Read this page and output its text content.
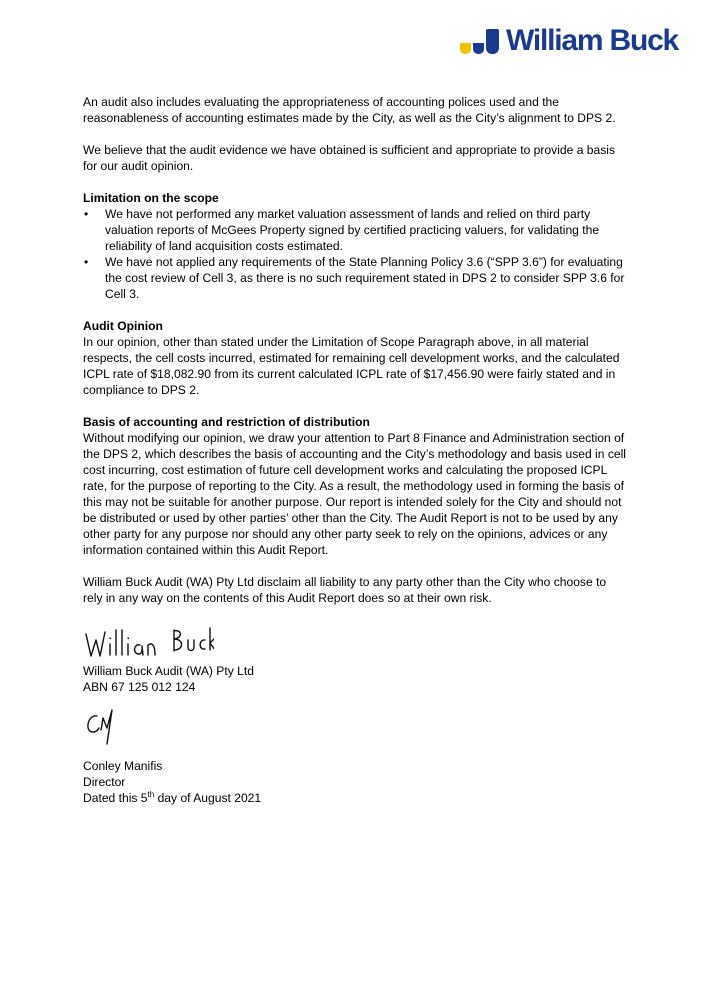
William Buck

An audit also includes evaluating the appropriateness of accounting polices used and the reasonableness of accounting estimates made by the City, as well as the City’s alignment to DPS 2.

We believe that the audit evidence we have obtained is sufficient and appropriate to provide a basis for our audit opinion.

Limitation on the scope

• We have not performed any market valuation assessment of lands and relied on third party valuation reports of McGees Property signed by certified practicing valuers, for validating the reliability of land acquisition costs estimated.
• We have not applied any requirements of the State Planning Policy 3.6 (“SPP 3.6”) for evaluating the cost review of Cell 3, as there is no such requirement stated in DPS 2 to consider SPP 3.6 for Cell 3.

Audit Opinion

In our opinion, other than stated under the Limitation of Scope Paragraph above, in all material respects, the cell costs incurred, estimated for remaining cell development works, and the calculated ICPL rate of $18,082.90 from its current calculated ICPL rate of $17,456.90 were fairly stated and in compliance to DPS 2.

Basis of accounting and restriction of distribution

Without modifying our opinion, we draw your attention to Part 8 Finance and Administration section of the DPS 2, which describes the basis of accounting and the City’s methodology and basis used in cell cost incurring, cost estimation of future cell development works and calculating the proposed ICPL rate, for the purpose of reporting to the City. As a result, the methodology used in forming the basis of this may not be suitable for another purpose. Our report is intended solely for the City and should not be distributed or used by other parties’ other than the City. The Audit Report is not to be used by any other party for any purpose nor should any other party seek to rely on the opinions, advices or any information contained within this Audit Report.

William Buck Audit (WA) Pty Ltd disclaim all liability to any party other than the City who choose to rely in any way on the contents of this Audit Report does so at their own risk.

William Buck Audit (WA) Pty Ltd
ABN 67 125 012 124
Conley Manifis
Director
Dated this 5th day of August 2021
